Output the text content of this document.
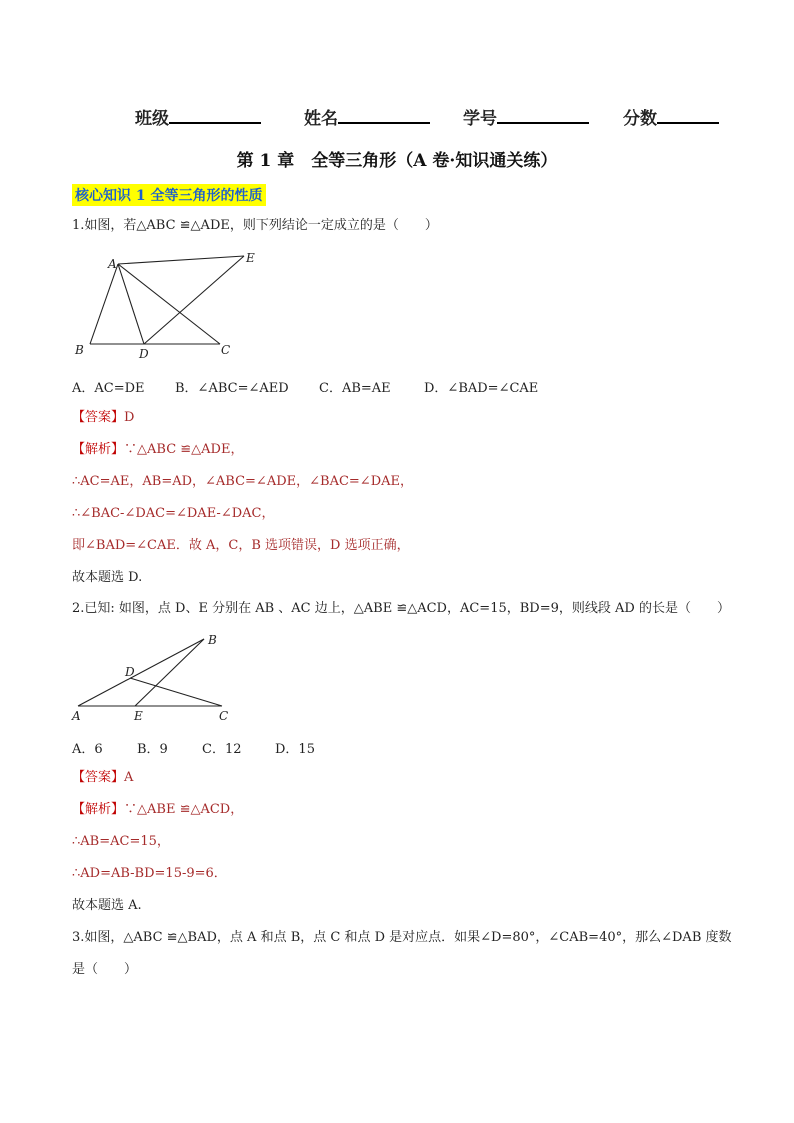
班级	姓名	学号	分数
第 1 章　全等三角形（A 卷·知识通关练）
核心知识 1 全等三角形的性质
1.如图，若△ABC ≌△ADE，则下列结论一定成立的是（　　）
A	E
B	D	C
A．AC=DE B．∠ABC=∠AED C．AB=AE	D．∠BAD=∠CAE
【答案】D
【解析】∵△ABC ≌△ADE，
∴AC=AE，AB=AD，∠ABC=∠ADE，∠BAC=∠DAE，
∴∠BAC-∠DAC=∠DAE-∠DAC，
即∠BAD=∠CAE．故 A，C，B 选项错误，D 选项正确，
故本题选 D.
2.已知: 如图，点 D、E 分别在 AB 、AC 边上，△ABE ≌△ACD，AC=15，BD=9，则线段 AD 的长是（　　）
B
D
A	E	C
A．6	B．9	C．12	D．15
【答案】A
【解析】∵△ABE ≌△ACD，
∴AB=AC=15，
∴AD=AB-BD=15-9=6．
故本题选 A.
3.如图，△ABC ≌△BAD，点 A 和点 B，点 C 和点 D 是对应点．如果∠D=80°，∠CAB=40°，那么∠DAB 度数
是（　　）
